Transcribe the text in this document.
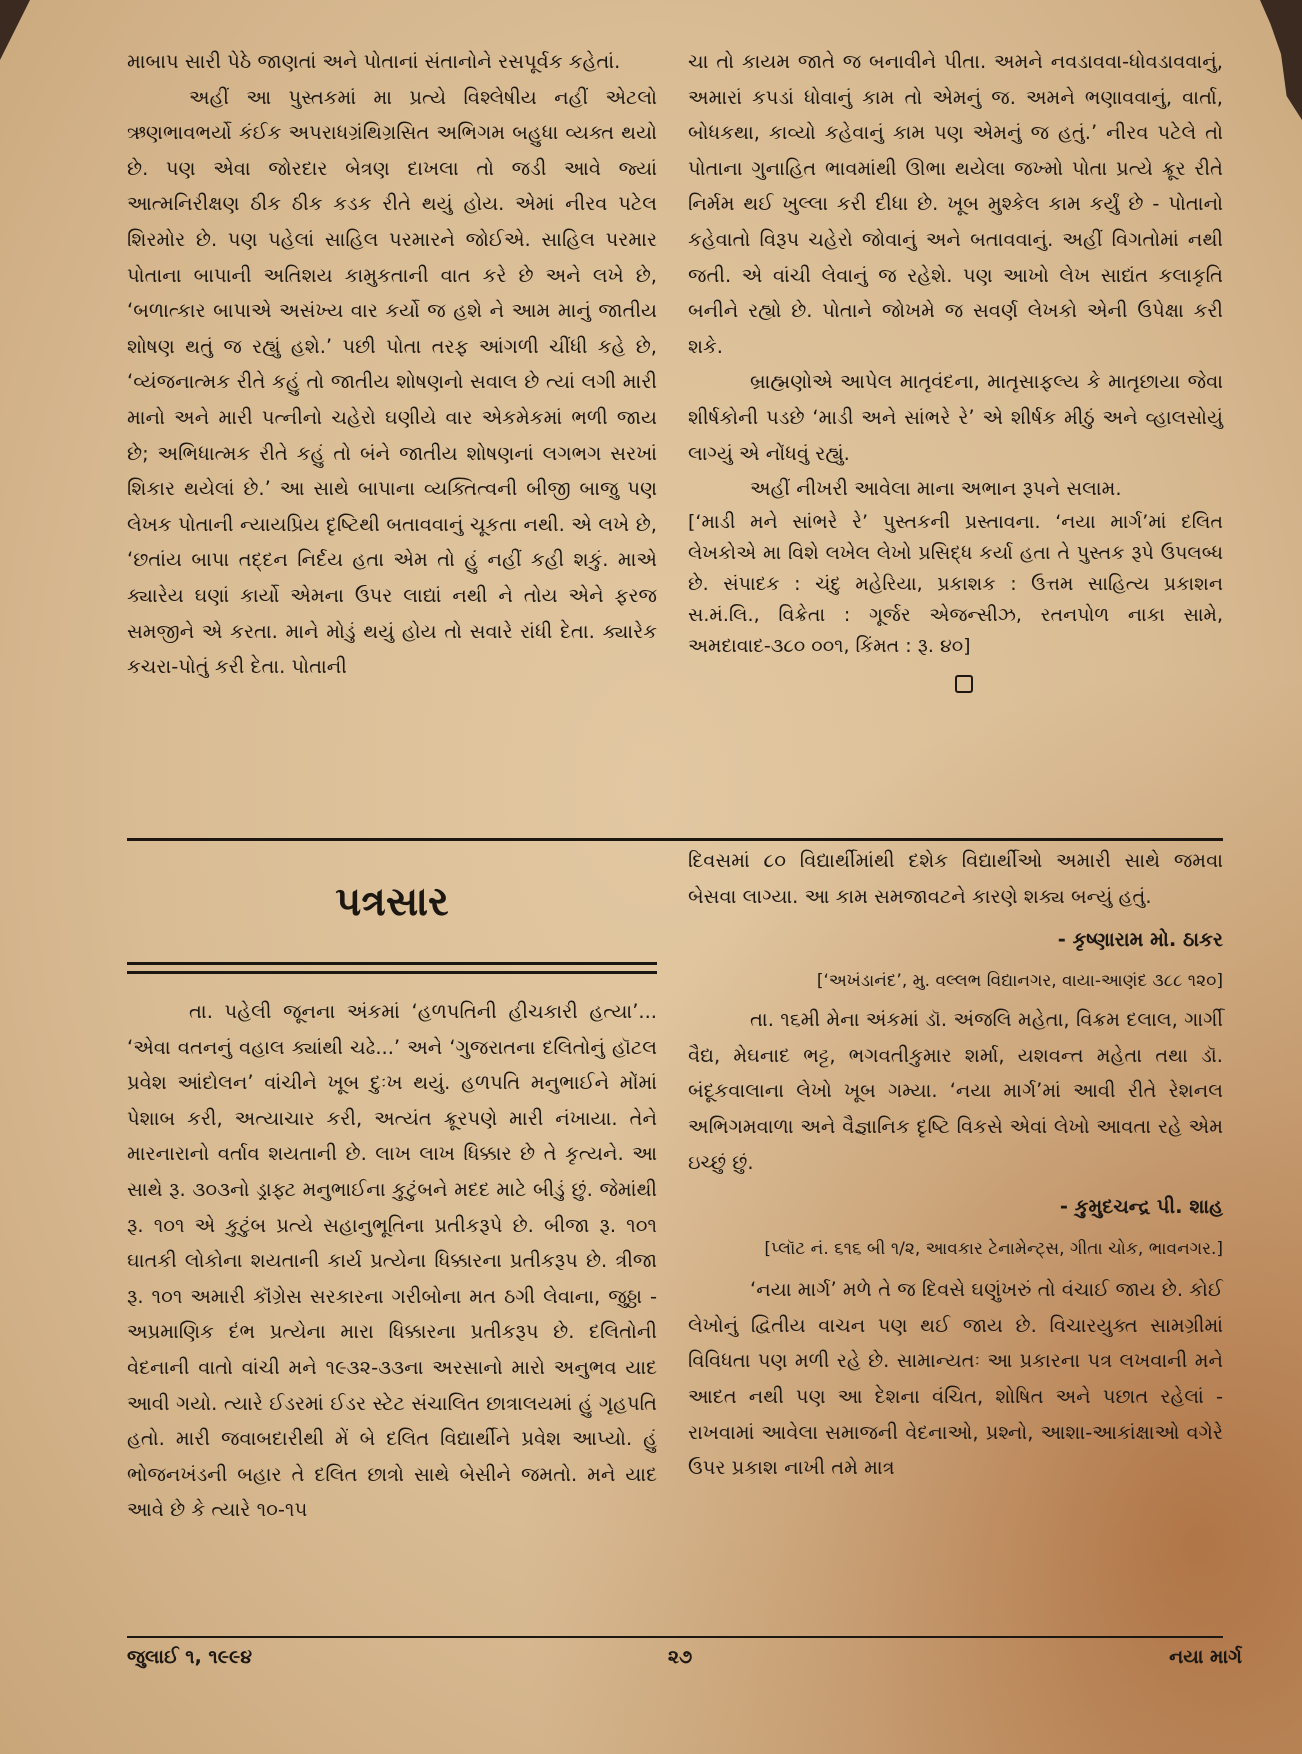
માબાપ સારી પેઠે જાણતાં અને પોતાનાં સંતાનોને રસપૂર્વક કહેતાં.

અહીં આ પુસ્તકમાં મા પ્રત્યે વિશ્લેષીય નહીં એટલો ઋણભાવભર્યો કંઈક અપરાધગ્રંથિગ્રસિત અભિગમ બહુધા વ્યક્ત થયો છે. પણ એવા જોરદાર બેત્રણ દાખલા તો જડી આવે જ્યાં આત્મનિરીક્ષણ ઠીક ઠીક કડક રીતે થયું હોય. એમાં નીરવ પટેલ શિરમોર છે. પણ પહેલાં સાહિલ પરમારને જોઈએ. સાહિલ પરમાર પોતાના બાપાની અતિશય કામુકતાની વાત કરે છે અને લખે છે, ‘બળાત્કાર બાપાએ અસંખ્ય વાર કર્યો જ હશે ને આમ માનું જાતીય શોષણ થતું જ રહ્યું હશે.’ પછી પોતા તરફ આંગળી ચીંધી કહે છે, ‘વ્યંજનાત્મક રીતે કહું તો જાતીય શોષણનો સવાલ છે ત્યાં લગી મારી માનો અને મારી પત્નીનો ચહેરો ઘણીયે વાર એકમેકમાં ભળી જાય છે; અભિધાત્મક રીતે કહું તો બંને જાતીય શોષણનાં લગભગ સરખાં શિકાર થયેલાં છે.’ આ સાથે બાપાના વ્યક્તિત્વની બીજી બાજુ પણ લેખક પોતાની ન્યાયપ્રિય દૃષ્ટિથી બતાવવાનું ચૂકતા નથી. એ લખે છે, ‘છતાંય બાપા તદ્દન નિર્દય હતા એમ તો હું નહીં કહી શકું. માએ ક્યારેય ઘણાં કાર્યો એમના ઉપર લાદ્યાં નથી ને તોય એને ફરજ સમજીને એ કરતા. માને મોડું થયું હોય તો સવારે રાંધી દેતા. ક્યારેક કચરા-પોતું કરી દેતા. પોતાની

ચા તો કાયમ જાતે જ બનાવીને પીતા. અમને નવડાવવા-ધોવડાવવાનું, અમારાં કપડાં ધોવાનું કામ તો એમનું જ. અમને ભણાવવાનું, વાર્તા, બોધકથા, કાવ્યો કહેવાનું કામ પણ એમનું જ હતું.’ નીરવ પટેલે તો પોતાના ગુનાહિત ભાવમાંથી ઊભા થયેલા જખ્મો પોતા પ્રત્યે ક્રૂર રીતે નિર્મમ થઈ ખુલ્લા કરી દીધા છે. ખૂબ મુશ્કેલ કામ કર્યું છે - પોતાનો કહેવાતો વિરૂપ ચહેરો જોવાનું અને બતાવવાનું. અહીં વિગતોમાં નથી જતી. એ વાંચી લેવાનું જ રહેશે. પણ આખો લેખ સાદ્યંત કલાકૃતિ બનીને રહ્યો છે. પોતાને જોખમે જ સવર્ણ લેખકો એની ઉપેક્ષા કરી શકે.

બ્રાહ્મણોએ આપેલ માતૃવંદના, માતૃસાફલ્ય કે માતૃછાયા જેવા શીર્ષકોની પડછે ‘માડી અને સાંભરે રે’ એ શીર્ષક મીઠું અને વ્હાલસોયું લાગ્યું એ નોંધવું રહ્યું.

અહીં નીખરી આવેલા માના અભાન રૂપને સલામ.

[‘માડી મને સાંભરે રે’ પુસ્તકની પ્રસ્તાવના. ‘નયા માર્ગ’માં દલિત લેખકોએ મા વિશે લખેલ લેખો પ્રસિદ્ધ કર્યા હતા તે પુસ્તક રૂપે ઉપલબ્ધ છે. સંપાદક : ચંદુ મહેરિયા, પ્રકાશક : ઉત્તમ સાહિત્ય પ્રકાશન સ.મં.લિ., વિક્રેતા : ગૂર્જર એજન્સીઝ, રતનપોળ નાકા સામે, અમદાવાદ-૩૮૦ ૦૦૧, કિંમત : રૂ. ૪૦]

પત્રસાર

તા. પહેલી જૂનના અંકમાં ‘હળપતિની હીચકારી હત્યા’... ‘એવા વતનનું વહાલ ક્યાંથી ચઢે...’ અને ‘ગુજરાતના દલિતોનું હૉટલ પ્રવેશ આંદોલન’ વાંચીને ખૂબ દુઃખ થયું. હળપતિ મનુભાઈને મોંમાં પેશાબ કરી, અત્યાચાર કરી, અત્યંત ક્રૂરપણે મારી નંખાયા. તેને મારનારાનો વર્તાવ શયતાની છે. લાખ લાખ ધિક્કાર છે તે કૃત્યને. આ સાથે રૂ. ૩૦૩નો ડ્રાફ્ટ મનુભાઈના કુટુંબને મદદ માટે બીડું છું. જેમાંથી રૂ. ૧૦૧ એ કુટુંબ પ્રત્યે સહાનુભૂતિના પ્રતીકરૂપે છે. બીજા રૂ. ૧૦૧ ઘાતકી લોકોના શયતાની કાર્ય પ્રત્યેના ધિક્કારના પ્રતીકરૂપ છે. ત્રીજા રૂ. ૧૦૧ અમારી કૉંગ્રેસ સરકારના ગરીબોના મત ઠગી લેવાના, જુઠ્ઠા - અપ્રમાણિક દંભ પ્રત્યેના મારા ધિક્કારના પ્રતીકરૂપ છે. દલિતોની વેદનાની વાતો વાંચી મને ૧૯૩૨-૩૩ના અરસાનો મારો અનુભવ યાદ આવી ગયો. ત્યારે ઈડરમાં ઈડર સ્ટેટ સંચાલિત છાત્રાલયમાં હું ગૃહપતિ હતો. મારી જવાબદારીથી મેં બે દલિત વિદ્યાર્થીને પ્રવેશ આપ્યો. હું ભોજનખંડની બહાર તે દલિત છાત્રો સાથે બેસીને જમતો. મને યાદ આવે છે કે ત્યારે ૧૦-૧૫

દિવસમાં ૮૦ વિદ્યાર્થીમાંથી દશેક વિદ્યાર્થીઓ અમારી સાથે જમવા બેસવા લાગ્યા. આ કામ સમજાવટને કારણે શક્ય બન્યું હતું.

- કૃષ્ણારામ મો. ઠાકર

[‘અખંડાનંદ’, મુ. વલ્લભ વિદ્યાનગર, વાયા-આણંદ ૩૮૮ ૧૨૦]

તા. ૧૬મી મેના અંકમાં ડૉ. અંજલિ મહેતા, વિક્રમ દલાલ, ગાર્ગી વૈદ્ય, મેઘનાદ ભટ્ટ, ભગવતીકુમાર શર્મા, યશવન્ત મહેતા તથા ડૉ. બંદૂકવાલાના લેખો ખૂબ ગમ્યા. ‘નયા માર્ગ’માં આવી રીતે રેશનલ અભિગમવાળા અને વૈજ્ઞાનિક દૃષ્ટિ વિકસે એવાં લેખો આવતા રહે એમ ઇચ્છું છું.

- કુમુદચન્દ્ર પી. શાહ

[પ્લૉટ નં. ૬૧૬ બી ૧/૨, આવકાર ટેનામેન્ટ્સ, ગીતા ચોક, ભાવનગર.]

‘નયા માર્ગ’ મળે તે જ દિવસે ઘણુંખરું તો વંચાઈ જાય છે. કોઈ લેખોનું દ્વિતીય વાચન પણ થઈ જાય છે. વિચારયુક્ત સામગ્રીમાં વિવિધતા પણ મળી રહે છે. સામાન્યતઃ આ પ્રકારના પત્ર લખવાની મને આદત નથી પણ આ દેશના વંચિત, શોષિત અને પછાત રહેલાં - રાખવામાં આવેલા સમાજની વેદનાઓ, પ્રશ્નો, આશા-આકાંક્ષાઓ વગેરે ઉપર પ્રકાશ નાખી તમે માત્ર

જુલાઈ ૧, ૧૯૯૪	૨૭	નયા માર્ગ
